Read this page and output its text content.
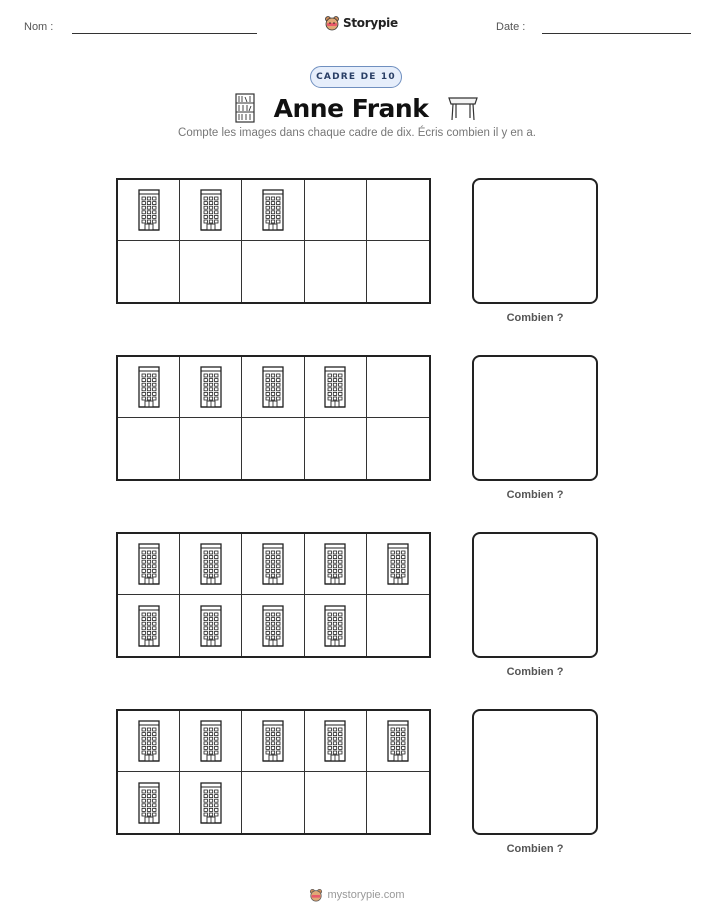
Nom :	Storypie	Date :
CADRE DE 10
Anne Frank
Compte les images dans chaque cadre de dix. Écris combien il y en a.
Combien ?
Combien ?
Combien ?
Combien ?
mystorypie.com
